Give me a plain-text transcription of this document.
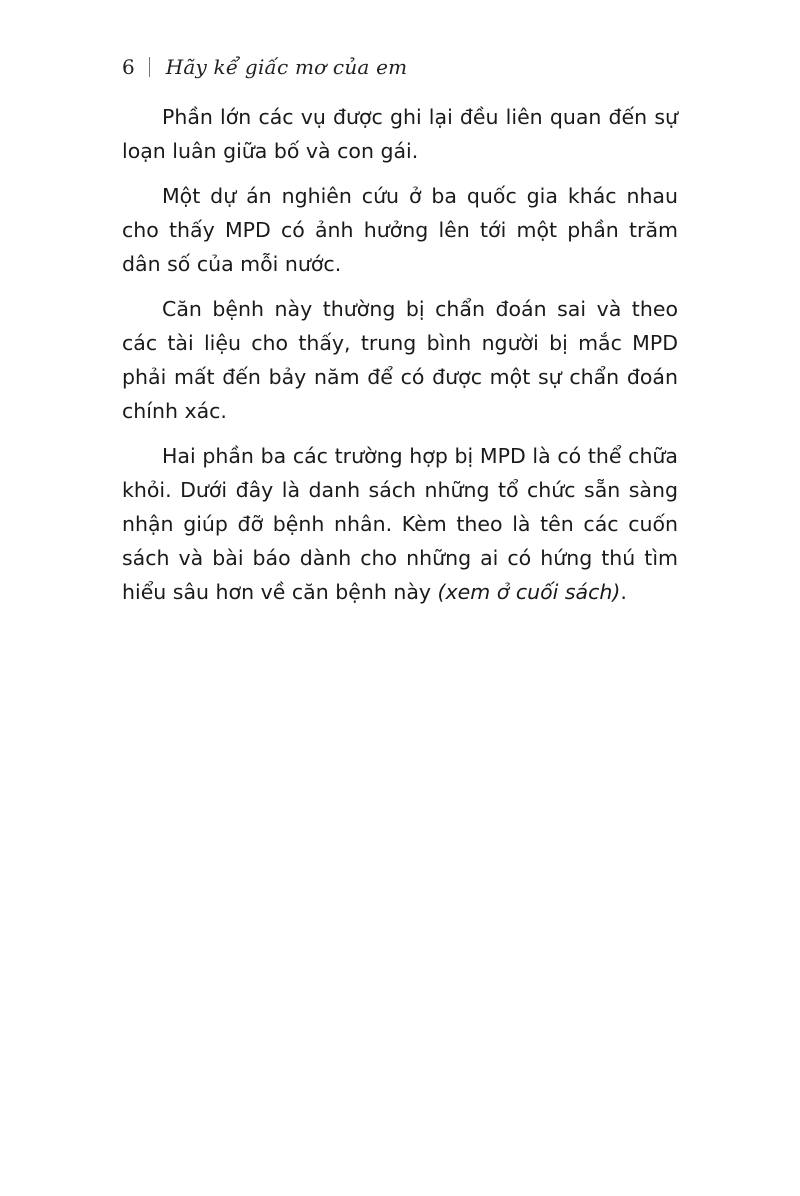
6 Hãy kể giấc mơ của em

Phần lớn các vụ được ghi lại đều liên quan đến sự loạn luân giữa bố và con gái.

Một dự án nghiên cứu ở ba quốc gia khác nhau cho thấy MPD có ảnh hưởng lên tới một phần trăm dân số của mỗi nước.

Căn bệnh này thường bị chẩn đoán sai và theo các tài liệu cho thấy, trung bình người bị mắc MPD phải mất đến bảy năm để có được một sự chẩn đoán chính xác.

Hai phần ba các trường hợp bị MPD là có thể chữa khỏi. Dưới đây là danh sách những tổ chức sẵn sàng nhận giúp đỡ bệnh nhân. Kèm theo là tên các cuốn sách và bài báo dành cho những ai có hứng thú tìm hiểu sâu hơn về căn bệnh này (xem ở cuối sách).
